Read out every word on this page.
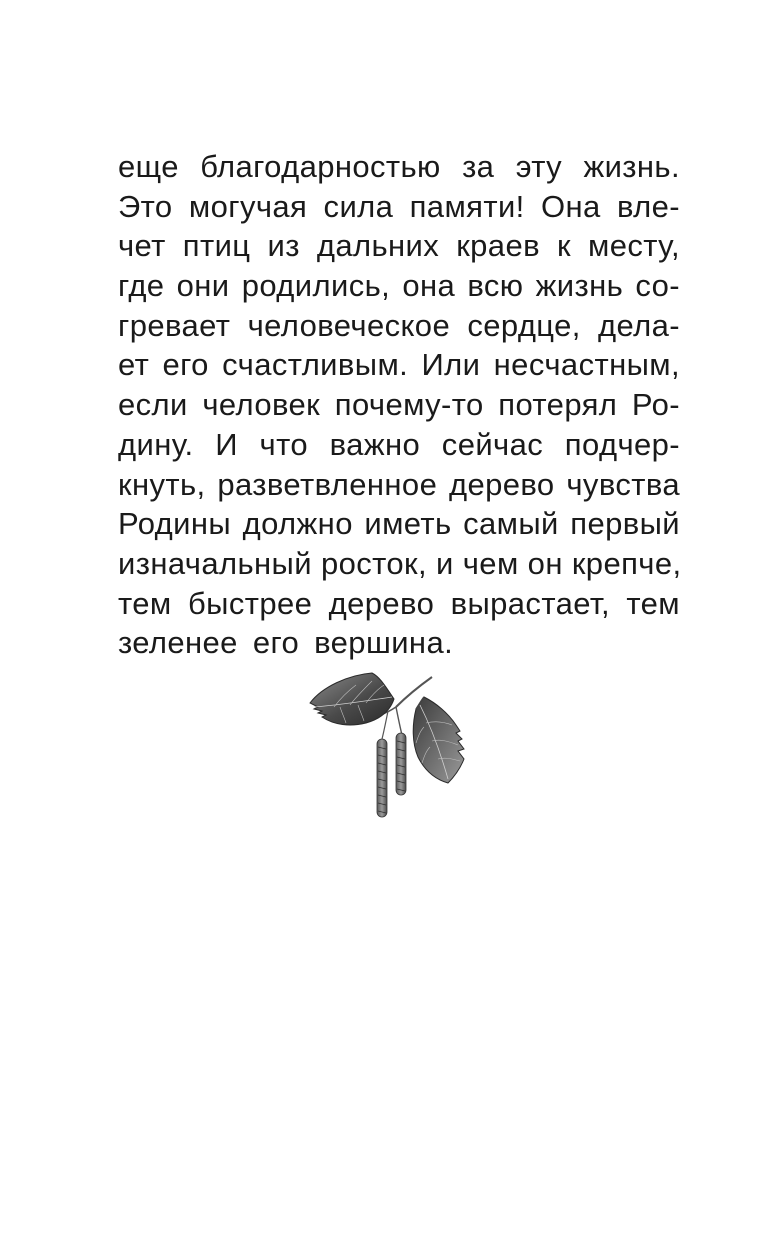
еще благодарностью за эту жизнь.
Это могучая сила памяти! Она вле-
чет птиц из дальних краев к месту,
где они родились, она всю жизнь со-
гревает человеческое сердце, дела-
ет его счастливым. Или несчастным,
если человек почему-то потерял Ро-
дину. И что важно сейчас подчер-
кнуть, разветвленное дерево чувства
Родины должно иметь самый первый
изначальный росток, и чем он крепче,
тем быстрее дерево вырастает, тем
зеленее его вершина.
